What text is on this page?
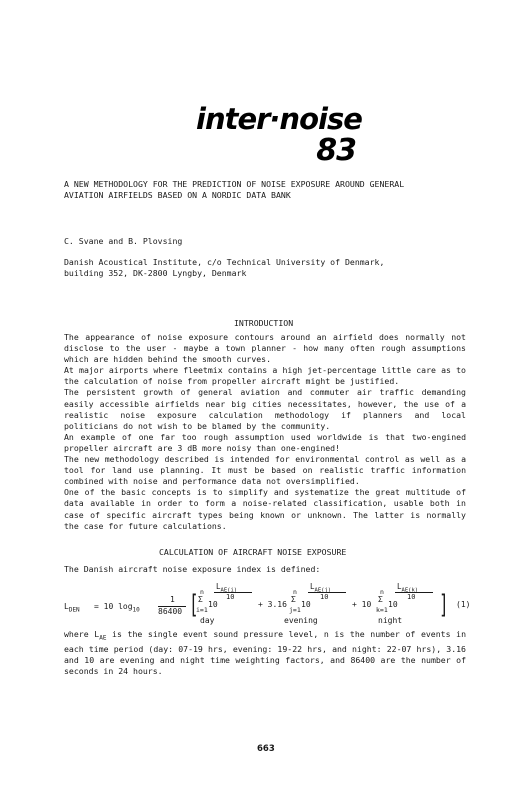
inter·noise
83
A NEW METHODOLOGY FOR THE PREDICTION OF NOISE EXPOSURE AROUND GENERAL
AVIATION AIRFIELDS BASED ON A NORDIC DATA BANK
C. Svane and B. Plovsing
Danish Acoustical Institute, c/o Technical University of Denmark,
building 352, DK-2800 Lyngby, Denmark
INTRODUCTION

The appearance of noise exposure contours around an airfield does normally not disclose to the user - maybe a town planner - how many often rough assumptions which are hidden behind the smooth curves.

At major airports where fleetmix contains a high jet-percentage little care as to the calculation of noise from propeller aircraft might be justified.

The persistent growth of general aviation and commuter air traffic demanding easily accessible airfields near big cities necessitates, however, the use of a realistic noise exposure calculation methodology if planners and local politicians do not wish to be blamed by the community.

An example of one far too rough assumption used worldwide is that two-engined propeller aircraft are 3 dB more noisy than one-engined!

The new methodology described is intended for environmental control as well as a tool for land use planning. It must be based on realistic traffic information combined with noise and performance data not oversimplified.

One of the basic concepts is to simplify and systematize the great multitude of data available in order to form a noise-related classification, usable both in case of specific aircraft types being known or unknown. The latter is normally the case for future calculations.

CALCULATION OF AIRCRAFT NOISE EXPOSURE
The Danish aircraft noise exposure index is defined:
$L_{DEN} = 10$ $\log_{10}$
1
86400 [ n
Σ
i=1
10
$L_{AE(i)}$
10
+ 3.16
n
Σ
j=1
10
$L_{AE(j)}$
10
+ 10
n
Σ
k=1
10
$L_{AE(k)}$
10 ]
day	evening	night
(1)
where $L_{AE}$ is the single event sound pressure level, n is the number of events in each time period (day: 07-19 hrs, evening: 19-22 hrs, and night: 22-07 hrs), 3.16 and 10 are evening and night time weighting factors, and 86400 are the number of seconds in 24 hours.
663
